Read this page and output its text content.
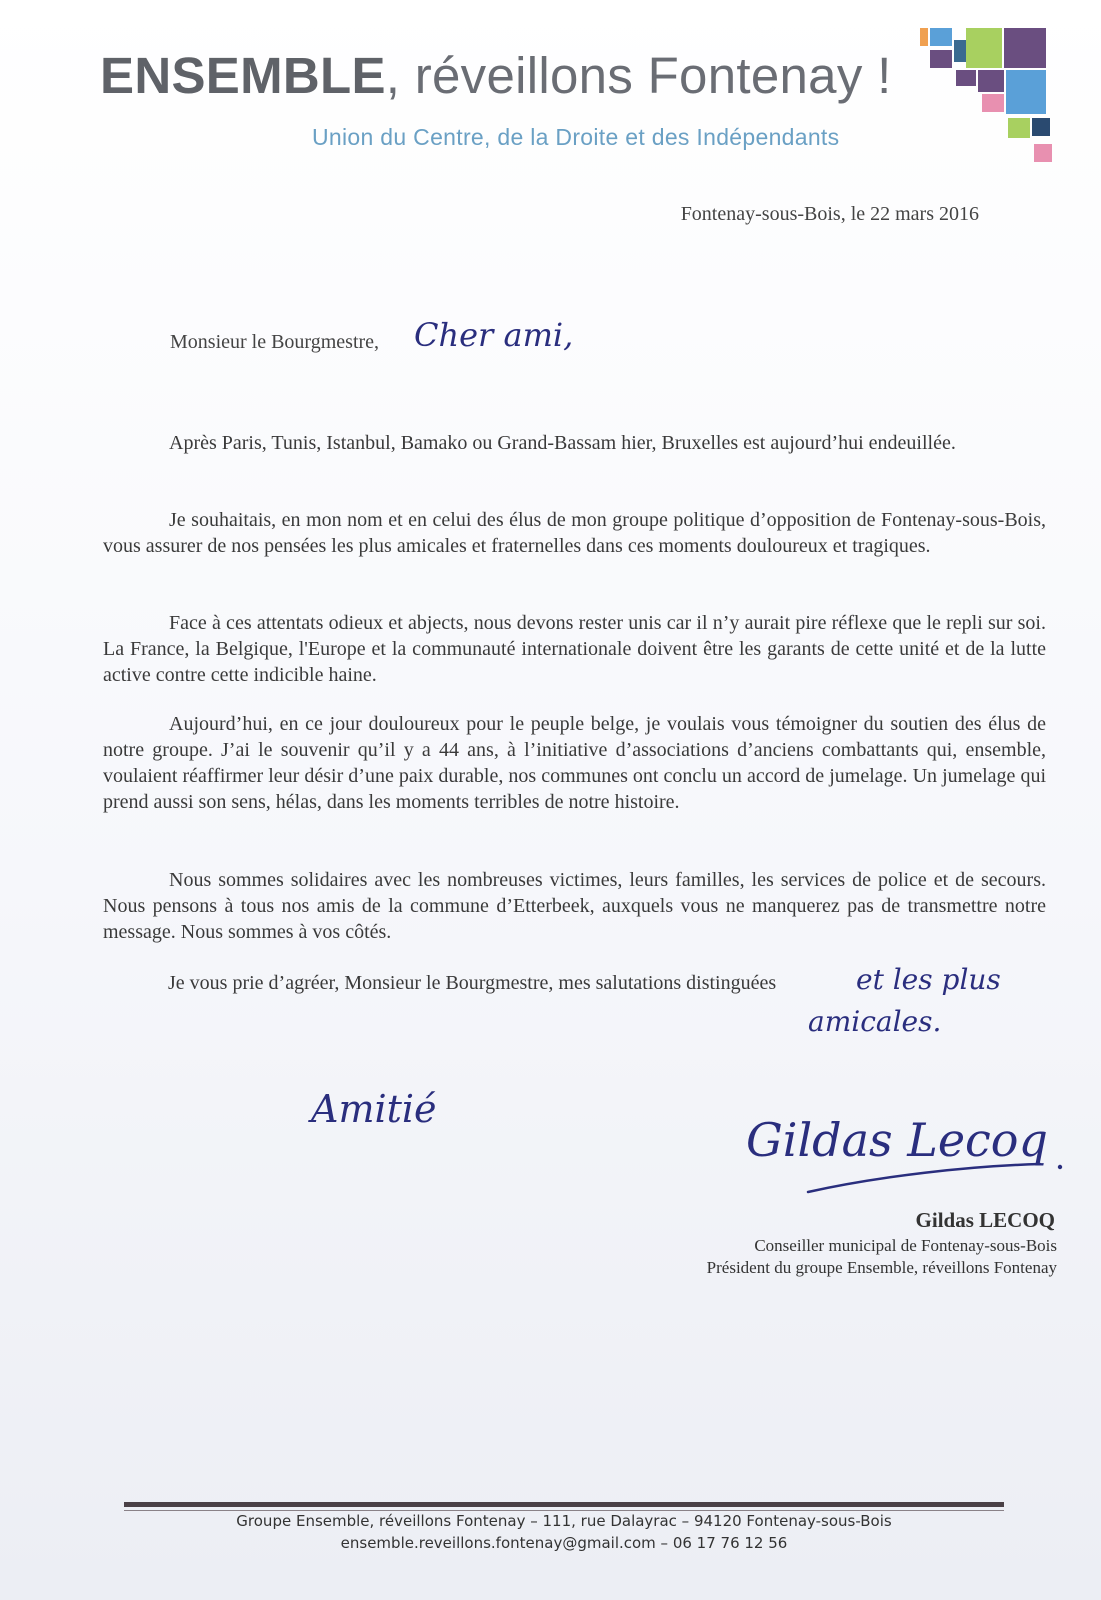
ENSEMBLE, réveillons Fontenay !
Union du Centre, de la Droite et des Indépendants
Fontenay-sous-Bois, le 22 mars 2016
Monsieur le Bourgmestre, Cher ami,

Après Paris, Tunis, Istanbul, Bamako ou Grand-Bassam hier, Bruxelles est aujourd’hui endeuillée.

Je souhaitais, en mon nom et en celui des élus de mon groupe politique d’opposition de Fontenay-sous-Bois, vous assurer de nos pensées les plus amicales et fraternelles dans ces moments douloureux et tragiques.

Face à ces attentats odieux et abjects, nous devons rester unis car il n’y aurait pire réflexe que le repli sur soi. La France, la Belgique, l'Europe et la communauté internationale doivent être les garants de cette unité et de la lutte active contre cette indicible haine.

Aujourd’hui, en ce jour douloureux pour le peuple belge, je voulais vous témoigner du soutien des élus de notre groupe. J’ai le souvenir qu’il y a 44 ans, à l’initiative d’associations d’anciens combattants qui, ensemble, voulaient réaffirmer leur désir d’une paix durable, nos communes ont conclu un accord de jumelage. Un jumelage qui prend aussi son sens, hélas, dans les moments terribles de notre histoire.

Nous sommes solidaires avec les nombreuses victimes, leurs familles, les services de police et de secours. Nous pensons à tous nos amis de la commune d’Etterbeek, auxquels vous ne manquerez pas de transmettre notre message. Nous sommes à vos côtés.

Je vous prie d’agréer, Monsieur le Bourgmestre, mes salutations distinguées	et les plus
amicales.
Amitié
Gildas Lecoq
Gildas LECOQ
Conseiller municipal de Fontenay-sous-Bois
Président du groupe Ensemble, réveillons Fontenay
Groupe Ensemble, réveillons Fontenay – 111, rue Dalayrac – 94120 Fontenay-sous-Bois
ensemble.reveillons.fontenay@gmail.com – 06 17 76 12 56
